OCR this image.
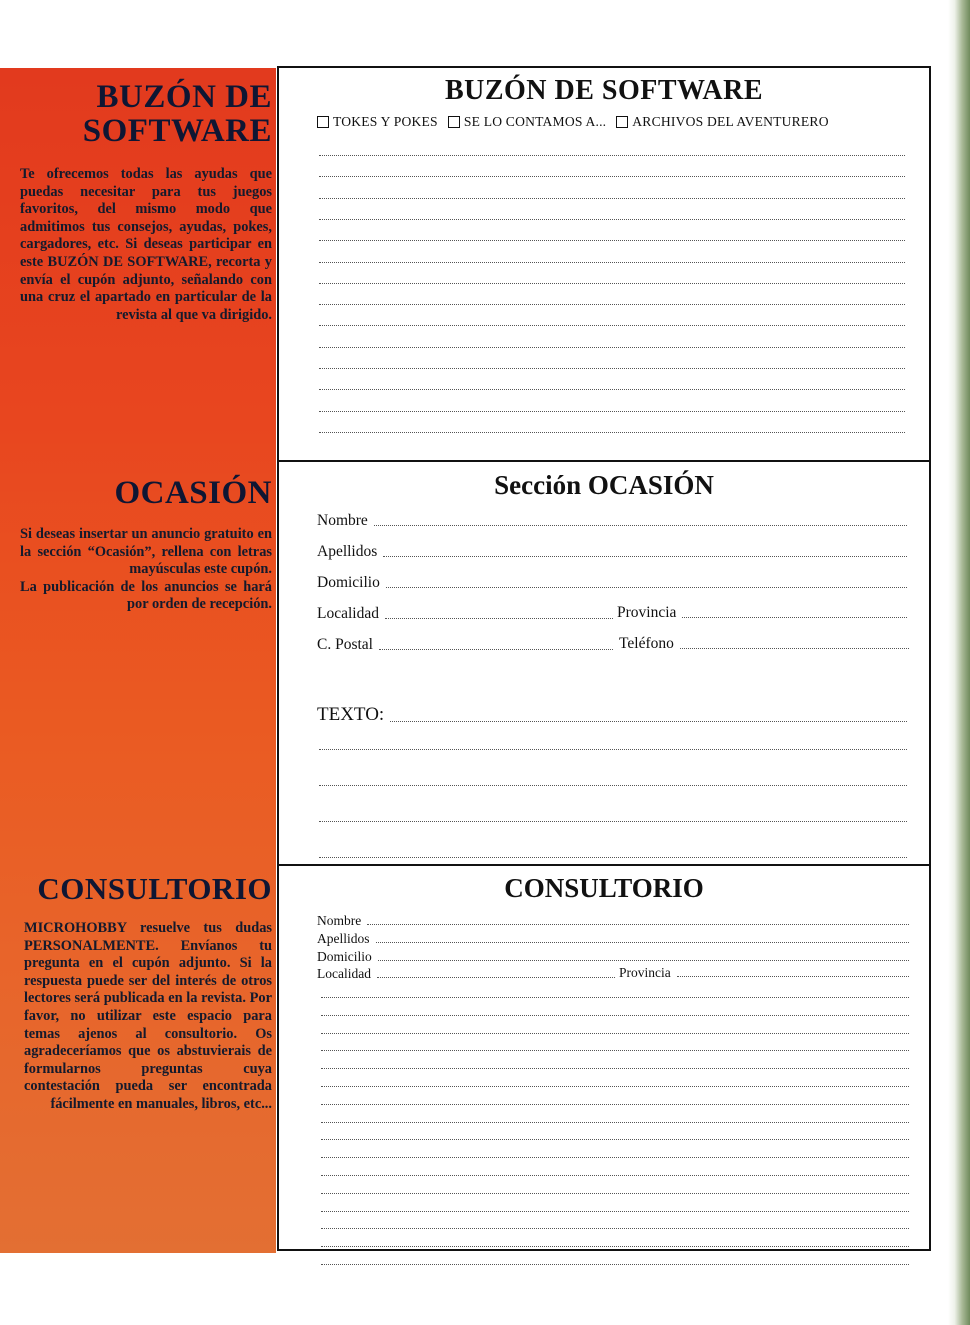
BUZÓN DE
SOFTWARE
Te ofrecemos todas las ayudas que puedas necesitar para tus juegos favoritos, del mismo modo que admitimos tus consejos, ayudas, pokes, cargadores, etc. Si deseas participar en este BUZÓN DE SOFTWARE, recorta y envía el cupón adjunto, señalando con una cruz el apartado en particular de la revista al que va dirigido.
OCASIÓN
Si deseas insertar un anuncio gratuito en la sección “Ocasión”, rellena con letras mayúsculas este cupón.
La publicación de los anuncios se hará por orden de recepción.
CONSULTORIO
MICROHOBBY resuelve tus dudas PERSONALMENTE. Envíanos tu pregunta en el cupón adjunto. Si la respuesta puede ser del interés de otros lectores será publicada en la revista. Por favor, no utilizar este espacio para temas ajenos al consultorio. Os agradeceríamos que os abstuvierais de formularnos preguntas cuya contestación pueda ser encontrada fácilmente en manuales, libros, etc...
BUZÓN DE SOFTWARE
TOKES Y POKES SE LO CONTAMOS A... ARCHIVOS DEL AVENTURERO
Sección OCASIÓN
Nombre
Apellidos
Domicilio
Localidad	Provincia
C. Postal	Teléfono
TEXTO:
CONSULTORIO
Nombre
Apellidos
Domicilio
Localidad	Provincia
